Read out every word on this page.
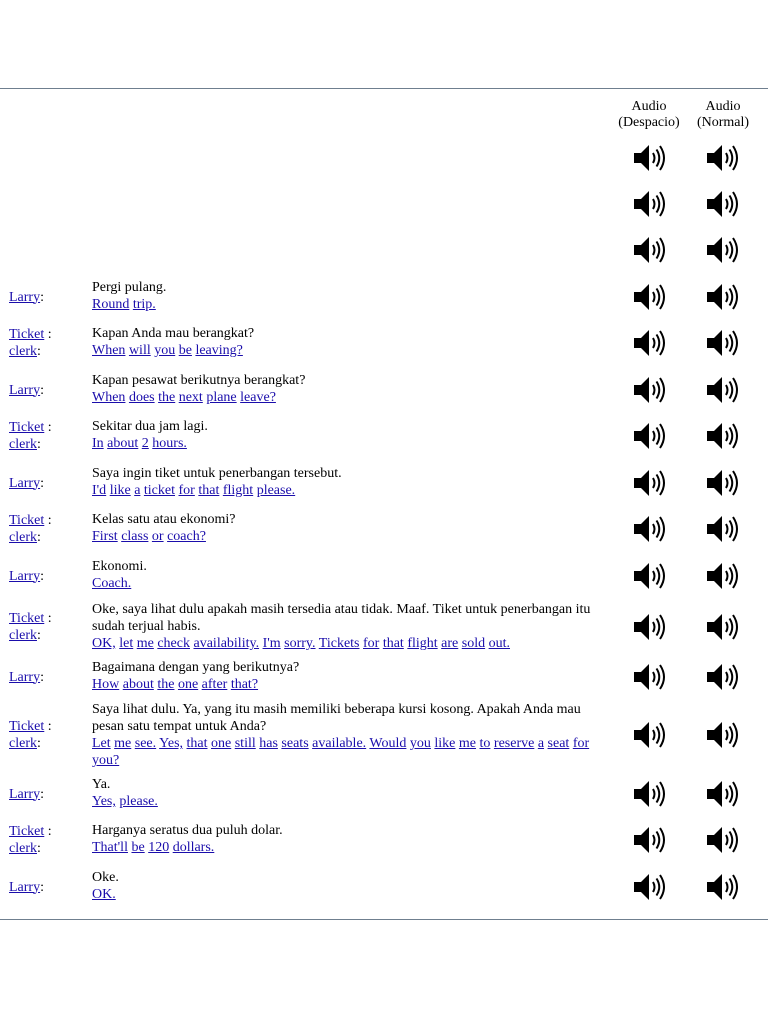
Audio (Despacio)
Audio (Normal)
Larry:
Pergi pulang.
Round trip.
Ticket :
clerk:
Kapan Anda mau berangkat?
When will you be leaving?
Larry:
Kapan pesawat berikutnya berangkat?
When does the next plane leave?
Ticket :
clerk:
Sekitar dua jam lagi.
In about 2 hours.
Larry:
Saya ingin tiket untuk penerbangan tersebut.
I'd like a ticket for that flight please.
Ticket :
clerk:
Kelas satu atau ekonomi?
First class or coach?
Larry:
Ekonomi.
Coach.
Ticket :
clerk:
Oke, saya lihat dulu apakah masih tersedia atau tidak. Maaf. Tiket untuk penerbangan itu sudah terjual habis.
OK, let me check availability. I'm sorry. Tickets for that flight are sold out.
Larry:
Bagaimana dengan yang berikutnya?
How about the one after that?
Ticket :
clerk:
Saya lihat dulu. Ya, yang itu masih memiliki beberapa kursi kosong. Apakah Anda mau pesan satu tempat untuk Anda?
Let me see. Yes, that one still has seats available. Would you like me to reserve a seat for you?
Larry:
Ya.
Yes, please.
Ticket :
clerk:
Harganya seratus dua puluh dolar.
That'll be 120 dollars.
Larry:
Oke.
OK.
